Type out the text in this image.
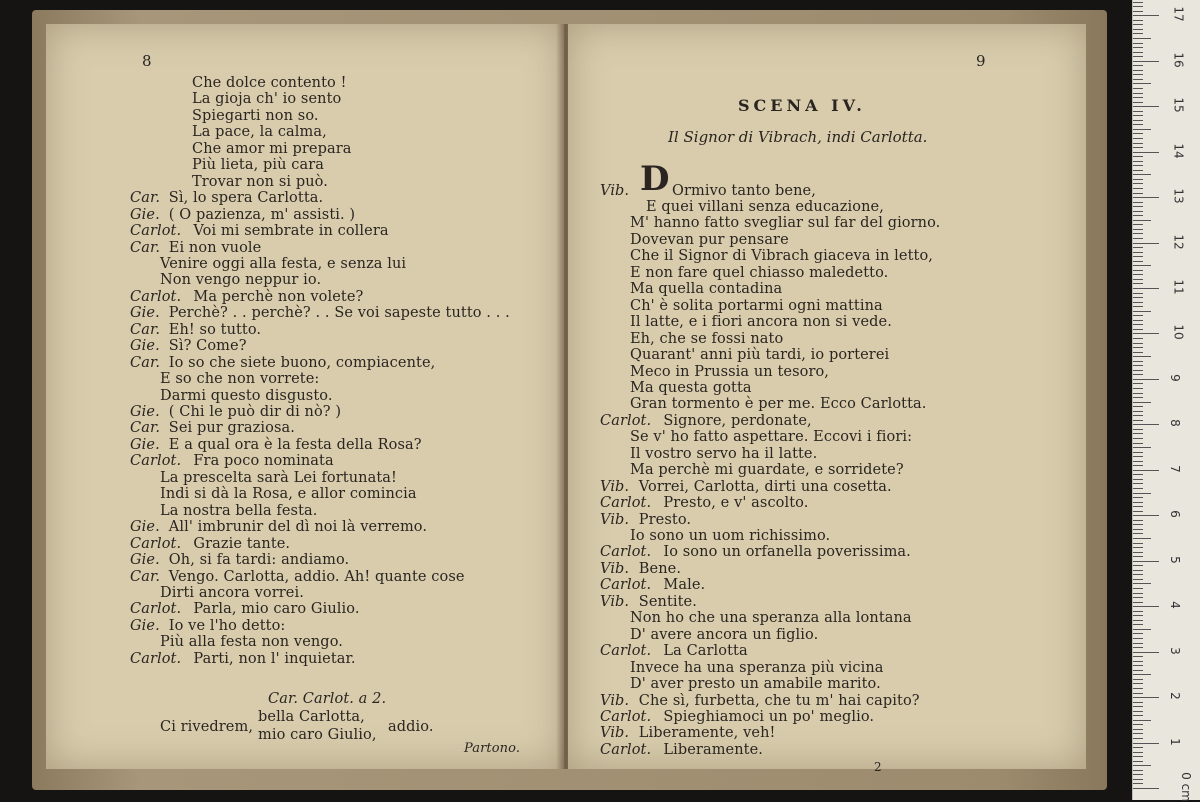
8
Che dolce contento !
La gioja ch' io sento
Spiegarti non so.
La pace, la calma,
Che amor mi prepara
Più lieta, più cara
Trovar non si può.
Car. Sì, lo spera Carlotta.
Gie. ( O pazienza, m' assisti. )
Carlot. Voi mi sembrate in collera
Car. Ei non vuole
Venire oggi alla festa, e senza lui
Non vengo neppur io.
Carlot. Ma perchè non volete?
Gie. Perchè? . . perchè? . . Se voi sapeste tutto . . .
Car. Eh! so tutto.
Gie. Sì? Come?
Car. Io so che siete buono, compiacente,
E so che non vorrete:
Darmi questo disgusto.
Gie. ( Chi le può dir di nò? )
Car. Sei pur graziosa.
Gie. E a qual ora è la festa della Rosa?
Carlot. Fra poco nominata
La prescelta sarà Lei fortunata!
Indi si dà la Rosa, e allor comincia
La nostra bella festa.
Gie. All' imbrunir del dì noi là verremo.
Carlot. Grazie tante.
Gie. Oh, si fa tardi: andiamo.
Car. Vengo. Carlotta, addio. Ah! quante cose
Dirti ancora vorrei.
Carlot. Parla, mio caro Giulio.
Gie. Io ve l'ho detto:
Più alla festa non vengo.
Carlot. Parti, non l' inquietar.
Car. Carlot. a 2.
Ci rivedrem,
bella Carlotta,
mio caro Giulio, addio.
Partono.
9
SCENA IV.
Il Signor di Vibrach, indi Carlotta.
Vib. D Ormivo tanto bene,
E quei villani senza educazione,
M' hanno fatto svegliar sul far del giorno.
Dovevan pur pensare
Che il Signor di Vibrach giaceva in letto,
E non fare quel chiasso maledetto.
Ma quella contadina
Ch' è solita portarmi ogni mattina
Il latte, e i fiori ancora non si vede.
Eh, che se fossi nato
Quarant' anni più tardi, io porterei
Meco in Prussia un tesoro,
Ma questa gotta
Gran tormento è per me. Ecco Carlotta.
Carlot. Signore, perdonate,
Se v' ho fatto aspettare. Eccovi i fiori:
Il vostro servo ha il latte.
Ma perchè mi guardate, e sorridete?
Vib. Vorrei, Carlotta, dirti una cosetta.
Carlot. Presto, e v' ascolto.
Vib. Presto.
Io sono un uom richissimo.
Carlot. Io sono un orfanella poverissima.
Vib. Bene.
Carlot. Male.
Vib. Sentite.
Non ho che una speranza alla lontana
D' avere ancora un figlio.
Carlot. La Carlotta
Invece ha una speranza più vicina
D' aver presto un amabile marito.
Vib. Che sì, furbetta, che tu m' hai capito?
Carlot. Spieghiamoci un po' meglio.
Vib. Liberamente, veh!
Carlot. Liberamente.
2
17
16
15
14
13
12
11
10
9
8
7
6
5
4
3
2
1
0 cm
